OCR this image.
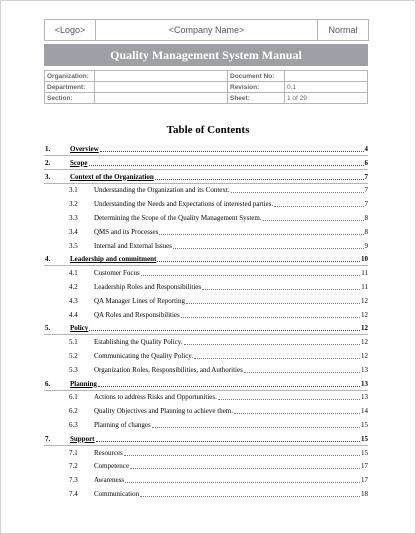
<Logo>	<Company Name>	Normal
Quality Management System Manual
Organization:		Document No:	
Department:		Revision:	0.1
Section:		Sheet:	1 of 29
Table of Contents
1.	Overview	4
2.	Scope	6
3.	Context of the Organization	7
3.1 Understanding the Organization and its Context.	7
3.2 Understanding the Needs and Expectations of interested parties.	7
3.3 Determining the Scope of the Quality Management System.	8
3.4 QMS and its Processes	8
3.5 Internal and External Issues	9
4.	Leadership and commitment	10
4.1 Customer Focus	11
4.2 Leadership Roles and Responsibilities	11
4.3 QA Manager Lines of Reporting	12
4.4 QA Roles and Responsibilities	12
5.	Policy	12
5.1 Establishing the Quality Policy.	12
5.2 Communicating the Quality Policy.	12
5.3 Organization Roles, Responsibilities, and Authorities	13
6.	Planning	13
6.1 Actions to address Risks and Opportunities.	13
6.2 Quality Objectives and Planning to achieve them.	14
6.3 Planning of changes	15
7.	Support	15
7.1 Resources	15
7.2 Competence	17
7.3 Awareness	17
7.4 Communication	18
